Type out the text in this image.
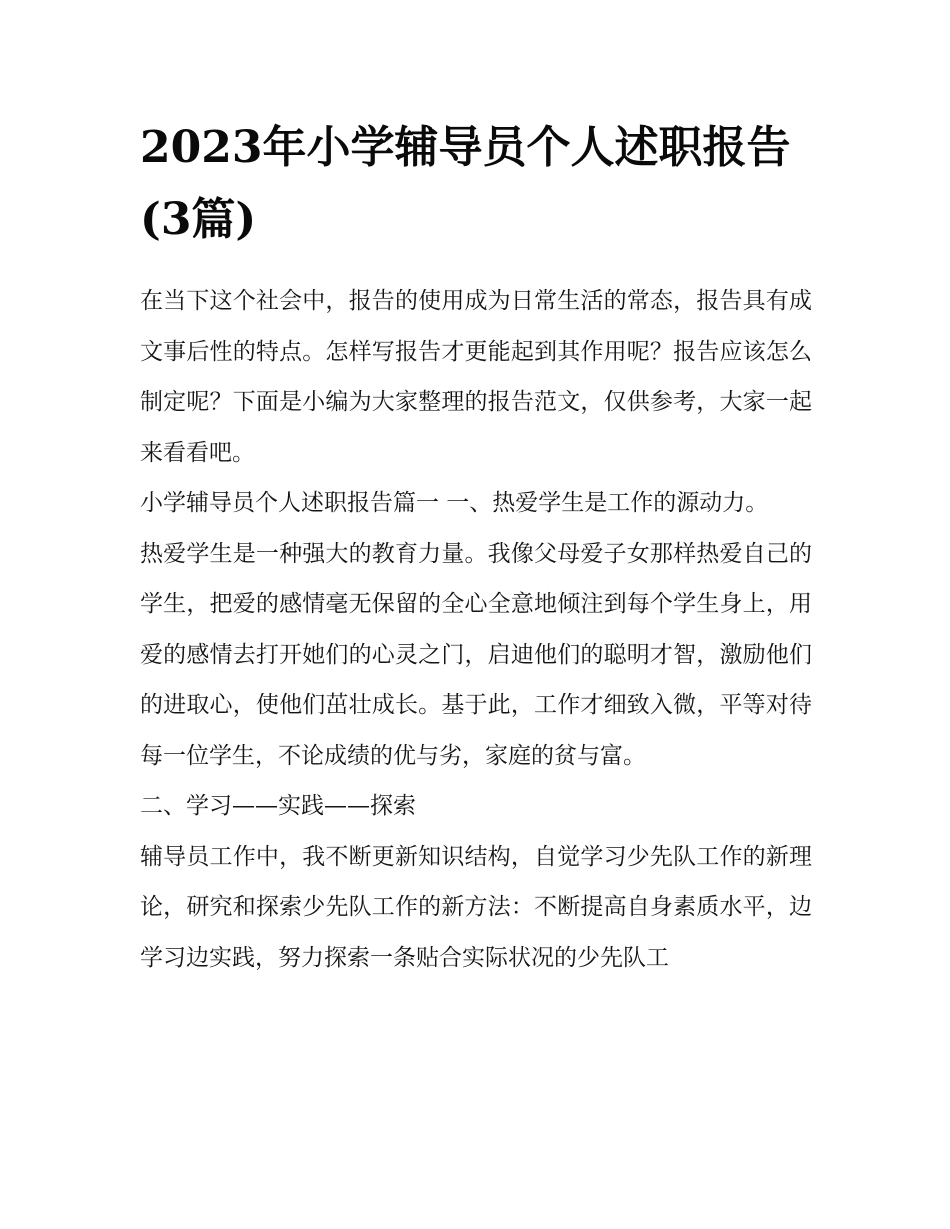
2023年小学辅导员个人述职报告(3篇)

在当下这个社会中，报告的使用成为日常生活的常态，报告具有成文事后性的特点。怎样写报告才更能起到其作用呢？报告应该怎么制定呢？下面是小编为大家整理的报告范文，仅供参考，大家一起来看看吧。

小学辅导员个人述职报告篇一 一、热爱学生是工作的源动力。

热爱学生是一种强大的教育力量。我像父母爱子女那样热爱自己的学生，把爱的感情毫无保留的全心全意地倾注到每个学生身上，用爱的感情去打开她们的心灵之门，启迪他们的聪明才智，激励他们的进取心，使他们茁壮成长。基于此，工作才细致入微，平等对待每一位学生，不论成绩的优与劣，家庭的贫与富。

二、学习——实践——探索

辅导员工作中，我不断更新知识结构，自觉学习少先队工作的新理论，研究和探索少先队工作的新方法：不断提高自身素质水平，边学习边实践，努力探索一条贴合实际状况的少先队工
